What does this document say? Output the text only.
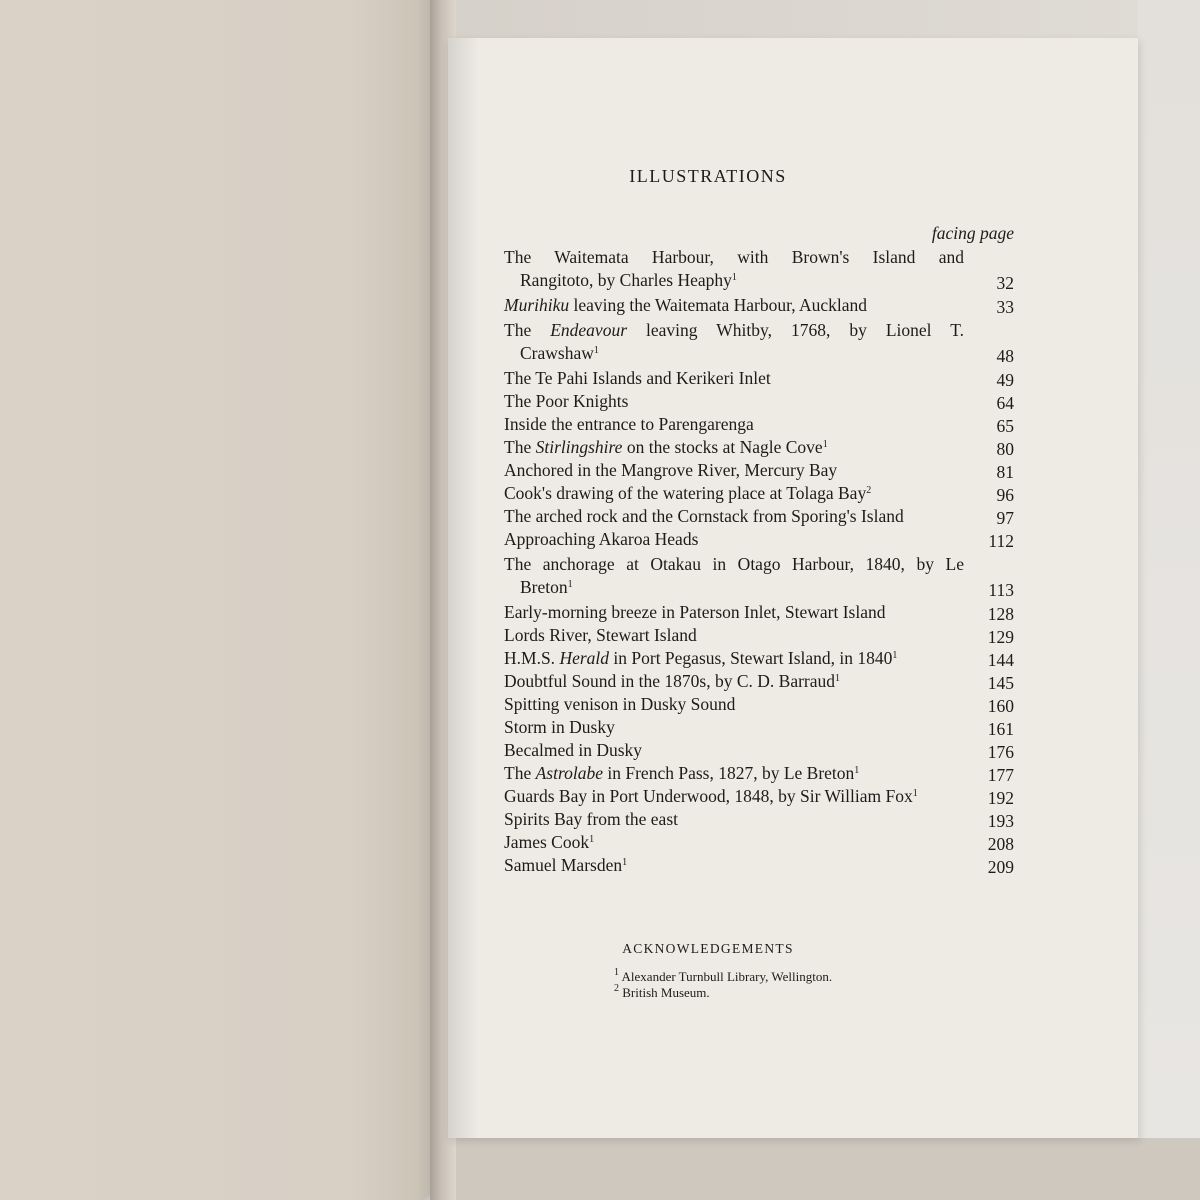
ILLUSTRATIONS
facing page
The Waitemata Harbour, with Brown's Island and
Rangitoto, by Charles Heaphy$^1$	32
Murihiku leaving the Waitemata Harbour, Auckland	33
The Endeavour leaving Whitby, 1768, by Lionel T.
Crawshaw$^1$	48
The Te Pahi Islands and Kerikeri Inlet	49
The Poor Knights	64
Inside the entrance to Parengarenga	65
The Stirlingshire on the stocks at Nagle Cove$^1$	80
Anchored in the Mangrove River, Mercury Bay	81
Cook's drawing of the watering place at Tolaga Bay$^2$	96
The arched rock and the Cornstack from Sporing's Island	97
Approaching Akaroa Heads	112
The anchorage at Otakau in Otago Harbour, 1840, by Le
Breton$^1$	113
Early-morning breeze in Paterson Inlet, Stewart Island	128
Lords River, Stewart Island	129
H.M.S. Herald in Port Pegasus, Stewart Island, in 1840$^1$	144
Doubtful Sound in the 1870s, by C. D. Barraud$^1$	145
Spitting venison in Dusky Sound	160
Storm in Dusky	161
Becalmed in Dusky	176
The Astrolabe in French Pass, 1827, by Le Breton$^1$	177
Guards Bay in Port Underwood, 1848, by Sir William Fox$^1$	192
Spirits Bay from the east	193
James Cook$^1$	208
Samuel Marsden$^1$	209
ACKNOWLEDGEMENTS
$^1$ Alexander Turnbull Library, Wellington.
$^2$ British Museum.
